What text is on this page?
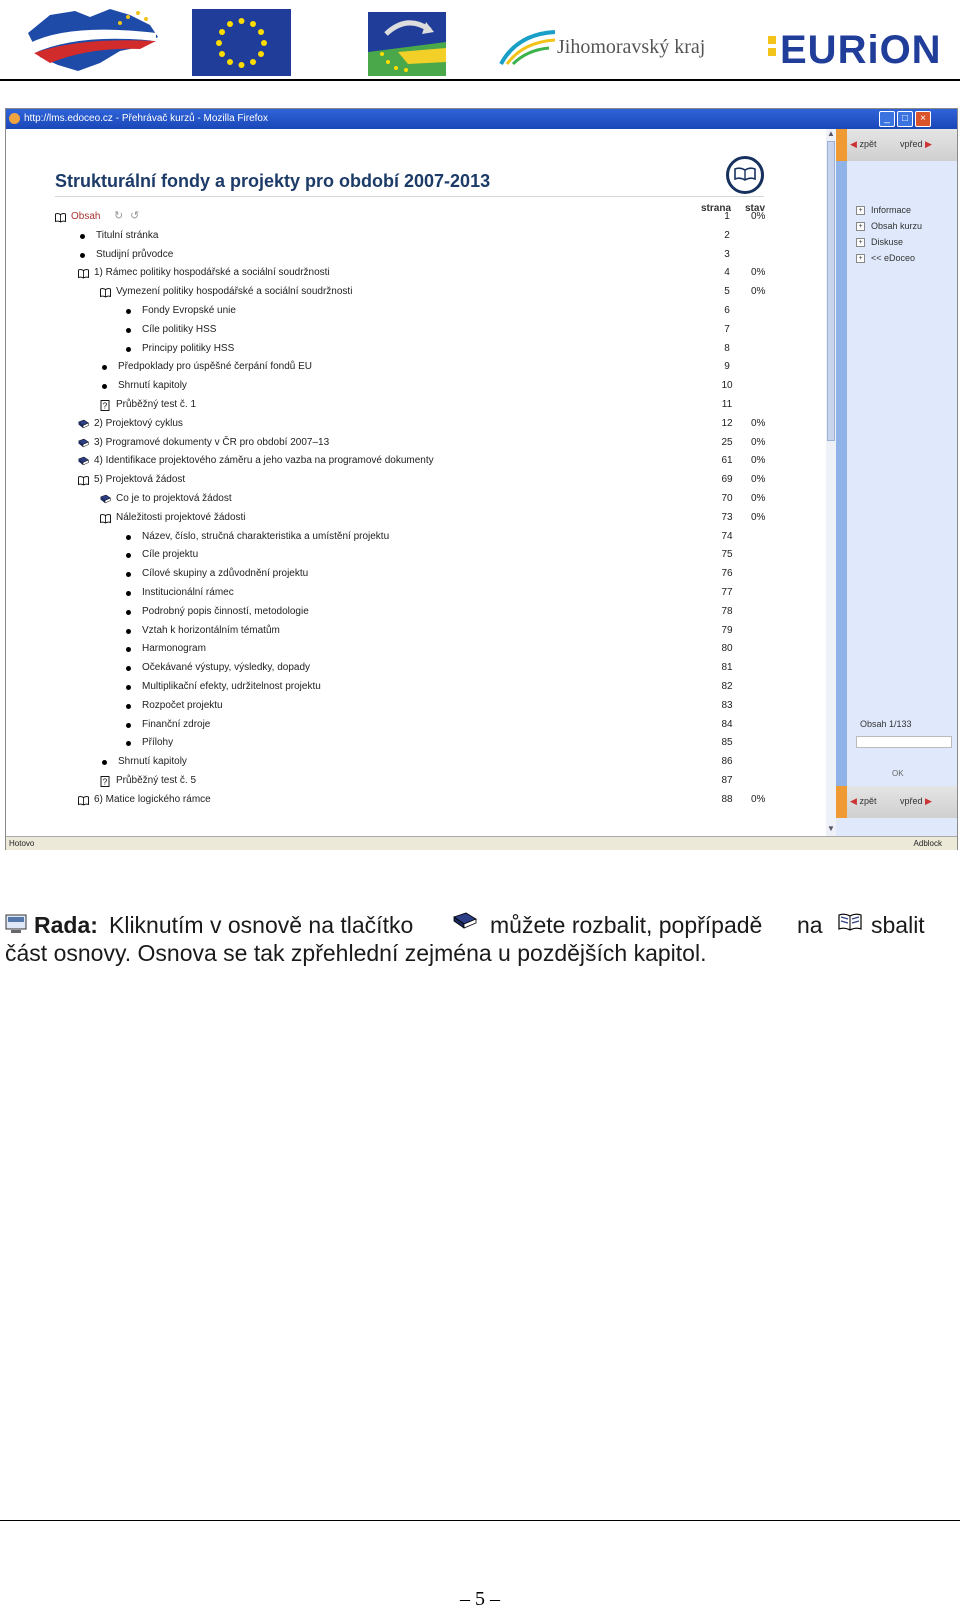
Jihomoravský kraj EURiON
http://lms.edoceo.cz - Přehrávač kurzů - Mozilla Firefox	_	□	×
Strukturální fondy a projekty pro období 2007-2013
strana stav
Obsah ↻ ↺	1	0%
Titulní stránka	2
Studijní průvodce	3
1) Rámec politiky hospodářské a sociální soudržnosti	4	0%
Vymezení politiky hospodářské a sociální soudržnosti	5	0%
Fondy Evropské unie	6
Cíle politiky HSS	7
Principy politiky HSS	8
Předpoklady pro úspěšné čerpání fondů EU	9
Shrnutí kapitoly	10
? Průběžný test č. 1	11
2) Projektový cyklus	12	0%
3) Programové dokumenty v ČR pro období 2007–13	25	0%
4) Identifikace projektového záměru a jeho vazba na programové dokumenty	61	0%
5) Projektová žádost	69	0%
Co je to projektová žádost	70	0%
Náležitosti projektové žádosti	73	0%
Název, číslo, stručná charakteristika a umístění projektu	74
Cíle projektu	75
Cílové skupiny a zdůvodnění projektu	76
Institucionální rámec	77
Podrobný popis činností, metodologie	78
Vztah k horizontálním tématům	79
Harmonogram	80
Očekávané výstupy, výsledky, dopady	81
Multiplikační efekty, udržitelnost projektu	82
Rozpočet projektu	83
Finanční zdroje	84
Přílohy	85
Shrnutí kapitoly	86
? Průběžný test č. 5	87
6) Matice logického rámce	88	0%
▲
▼
◀ zpět	vpřed ▶
+ Informace
+ Obsah kurzu
+ Diskuse
+ << eDoceo
Obsah 1/133
OK
◀ zpět	vpřed ▶
Hotovo	Adblock
Rada: Kliknutím v osnově na tlačítko	můžete rozbalit, popřípadě na sbalit
část osnovy. Osnova se tak zpřehlední zejména u pozdějších kapitol.
– 5 –
